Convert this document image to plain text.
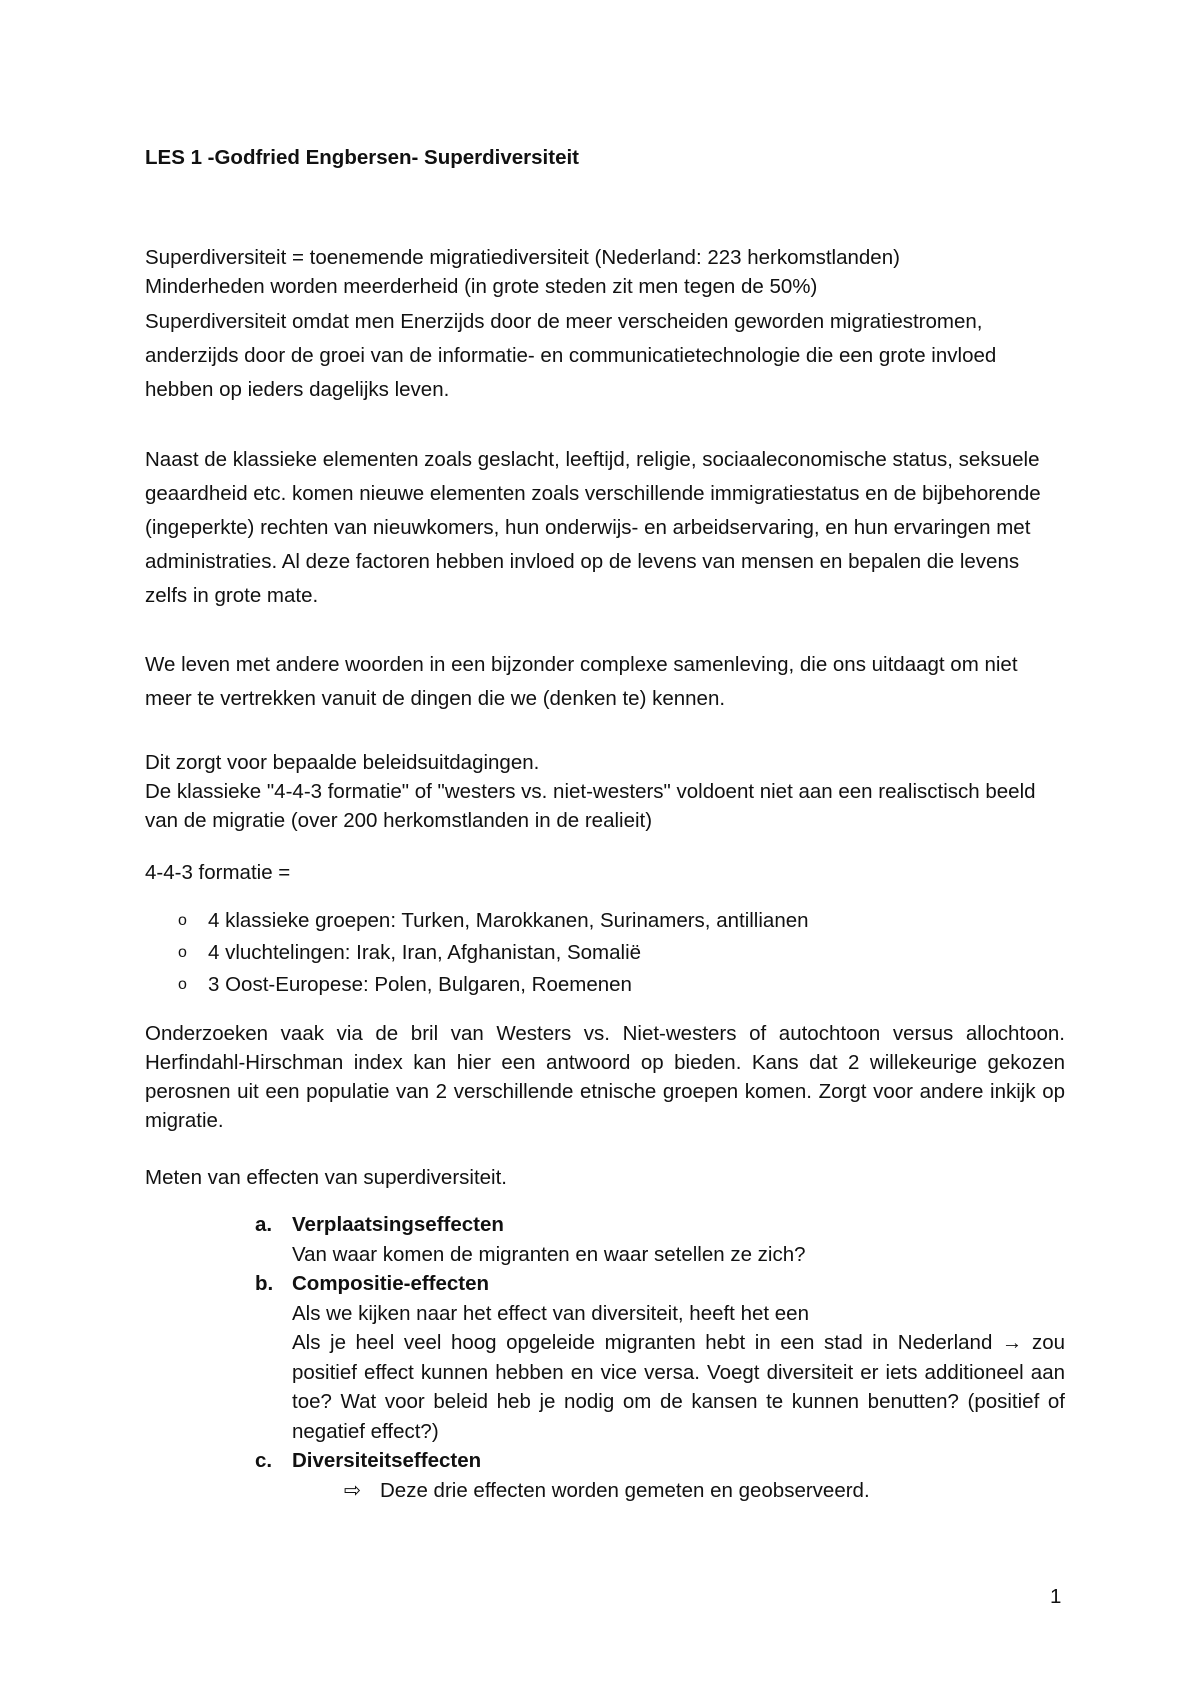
LES 1 -Godfried Engbersen- Superdiversiteit

Superdiversiteit = toenemende migratiediversiteit (Nederland: 223 herkomstlanden)

Minderheden worden meerderheid (in grote steden zit men tegen de 50%)

Superdiversiteit omdat men Enerzijds door de meer verscheiden geworden migratiestromen, anderzijds door de groei van de informatie- en communicatietechnologie die een grote invloed hebben op ieders dagelijks leven.

Naast de klassieke elementen zoals geslacht, leeftijd, religie, sociaaleconomische status, seksuele geaardheid etc. komen nieuwe elementen zoals verschillende immigratiestatus en de bijbehorende (ingeperkte) rechten van nieuwkomers, hun onderwijs- en arbeidservaring, en hun ervaringen met administraties. Al deze factoren hebben invloed op de levens van mensen en bepalen die levens zelfs in grote mate.

We leven met andere woorden in een bijzonder complexe samenleving, die ons uitdaagt om niet meer te vertrekken vanuit de dingen die we (denken te) kennen.

Dit zorgt voor bepaalde beleidsuitdagingen.

De klassieke "4-4-3 formatie" of "westers vs. niet-westers" voldoent niet aan een realisctisch beeld van de migratie (over 200 herkomstlanden in de realieit)

4-4-3 formatie =

o 4 klassieke groepen: Turken, Marokkanen, Surinamers, antillianen
o 4 vluchtelingen: Irak, Iran, Afghanistan, Somalië
o 3 Oost-Europese: Polen, Bulgaren, Roemenen

Onderzoeken vaak via de bril van Westers vs. Niet-westers of autochtoon versus allochtoon. Herfindahl-Hirschman index kan hier een antwoord op bieden. Kans dat 2 willekeurige gekozen perosnen uit een populatie van 2 verschillende etnische groepen komen. Zorgt voor andere inkijk op migratie.

Meten van effecten van superdiversiteit.

a. Verplaatsingseffecten
Van waar komen de migranten en waar setellen ze zich?
b. Compositie-effecten
Als we kijken naar het effect van diversiteit, heeft het een
Als je heel veel hoog opgeleide migranten hebt in een stad in Nederland → zou positief effect kunnen hebben en vice versa. Voegt diversiteit er iets additioneel aan toe? Wat voor beleid heb je nodig om de kansen te kunnen benutten? (positief of negatief effect?)
c. Diversiteitseffecten
⇨ Deze drie effecten worden gemeten en geobserveerd.
1
